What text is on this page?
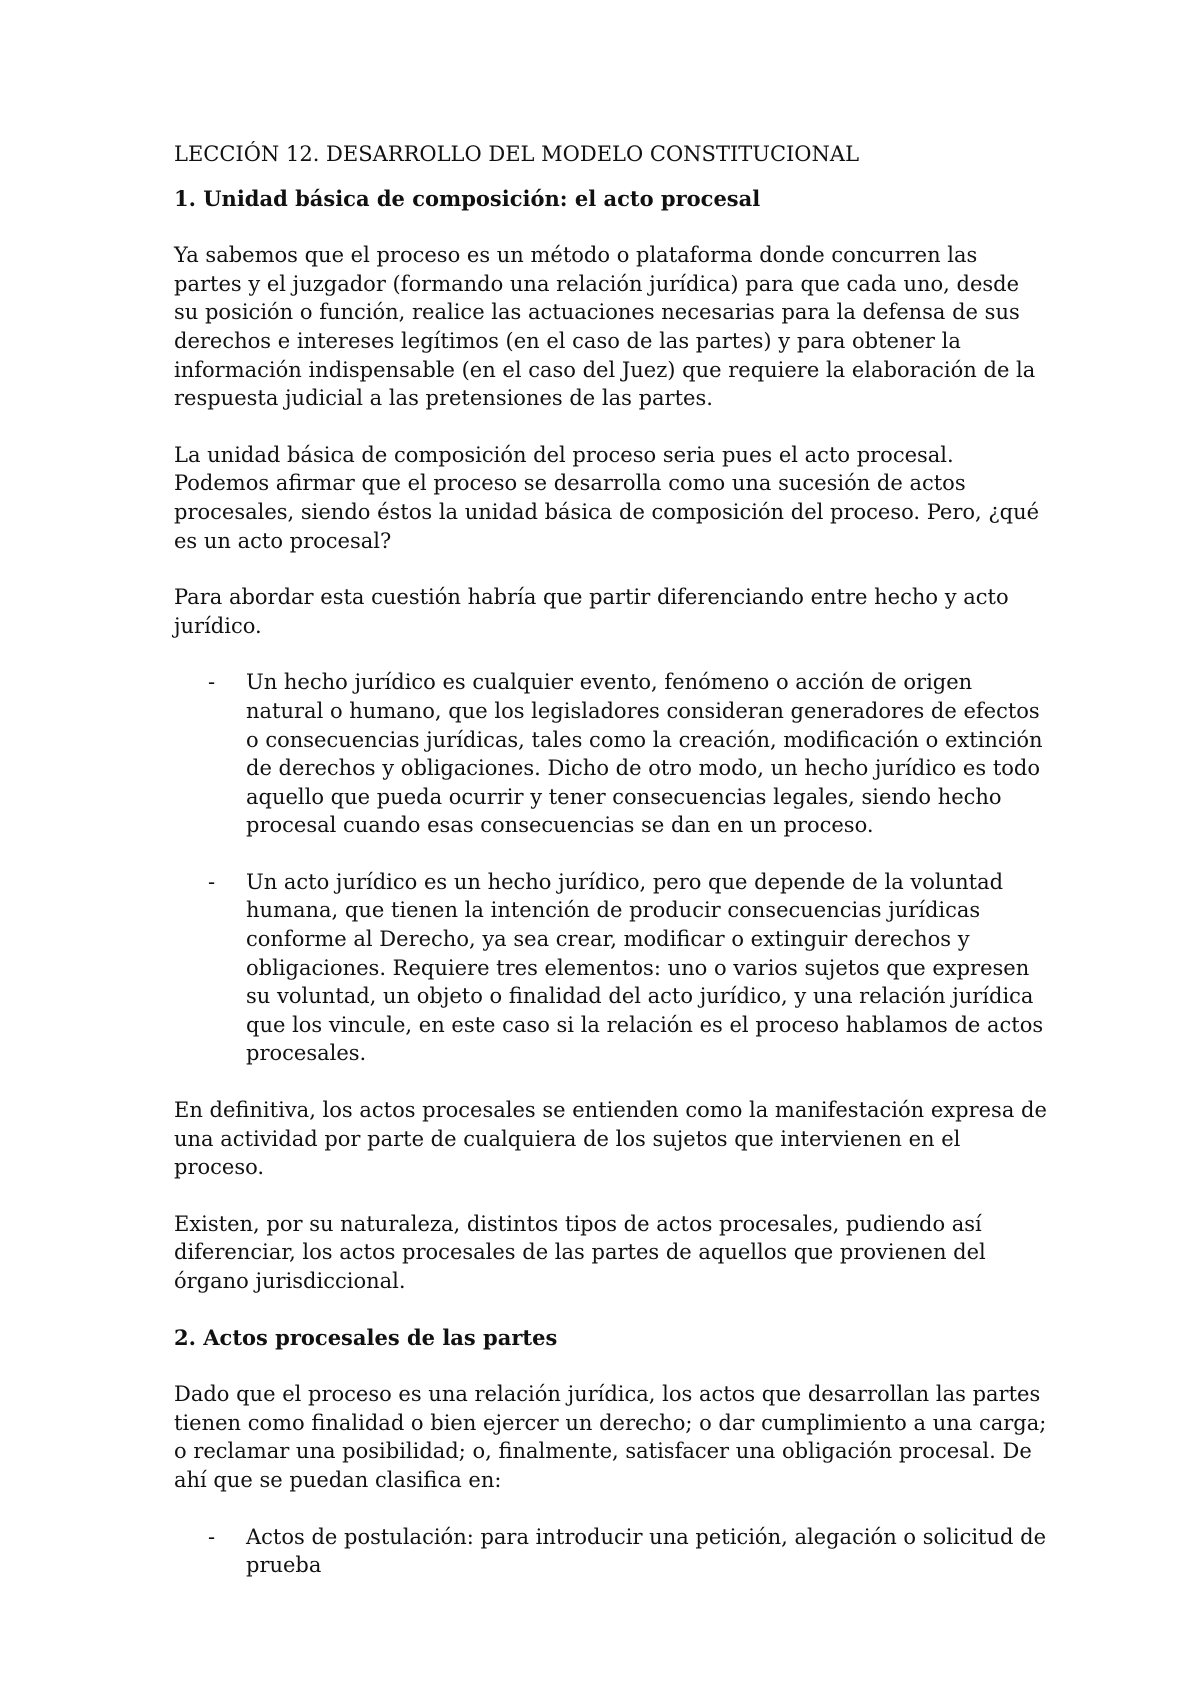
LECCIÓN 12. DESARROLLO DEL MODELO CONSTITUCIONAL
1. Unidad básica de composición: el acto procesal

Ya sabemos que el proceso es un método o plataforma donde concurren las partes y el juzgador (formando una relación jurídica) para que cada uno, desde su posición o función, realice las actuaciones necesarias para la defensa de sus derechos e intereses legítimos (en el caso de las partes) y para obtener la información indispensable (en el caso del Juez) que requiere la elaboración de la respuesta judicial a las pretensiones de las partes.

La unidad básica de composición del proceso seria pues el acto procesal. Podemos afirmar que el proceso se desarrolla como una sucesión de actos procesales, siendo éstos la unidad básica de composición del proceso. Pero, ¿qué es un acto procesal?

Para abordar esta cuestión habría que partir diferenciando entre hecho y acto jurídico.

- Un hecho jurídico es cualquier evento, fenómeno o acción de origen natural o humano, que los legisladores consideran generadores de efectos o consecuencias jurídicas, tales como la creación, modificación o extinción de derechos y obligaciones. Dicho de otro modo, un hecho jurídico es todo aquello que pueda ocurrir y tener consecuencias legales, siendo hecho procesal cuando esas consecuencias se dan en un proceso.
- Un acto jurídico es un hecho jurídico, pero que depende de la voluntad humana, que tienen la intención de producir consecuencias jurídicas conforme al Derecho, ya sea crear, modificar o extinguir derechos y obligaciones. Requiere tres elementos: uno o varios sujetos que expresen su voluntad, un objeto o finalidad del acto jurídico, y una relación jurídica que los vincule, en este caso si la relación es el proceso hablamos de actos procesales.

En definitiva, los actos procesales se entienden como la manifestación expresa de una actividad por parte de cualquiera de los sujetos que intervienen en el proceso.

Existen, por su naturaleza, distintos tipos de actos procesales, pudiendo así diferenciar, los actos procesales de las partes de aquellos que provienen del órgano jurisdiccional.

2. Actos procesales de las partes

Dado que el proceso es una relación jurídica, los actos que desarrollan las partes tienen como finalidad o bien ejercer un derecho; o dar cumplimiento a una carga; o reclamar una posibilidad; o, finalmente, satisfacer una obligación procesal. De ahí que se puedan clasifica en:

- Actos de postulación: para introducir una petición, alegación o solicitud de prueba
